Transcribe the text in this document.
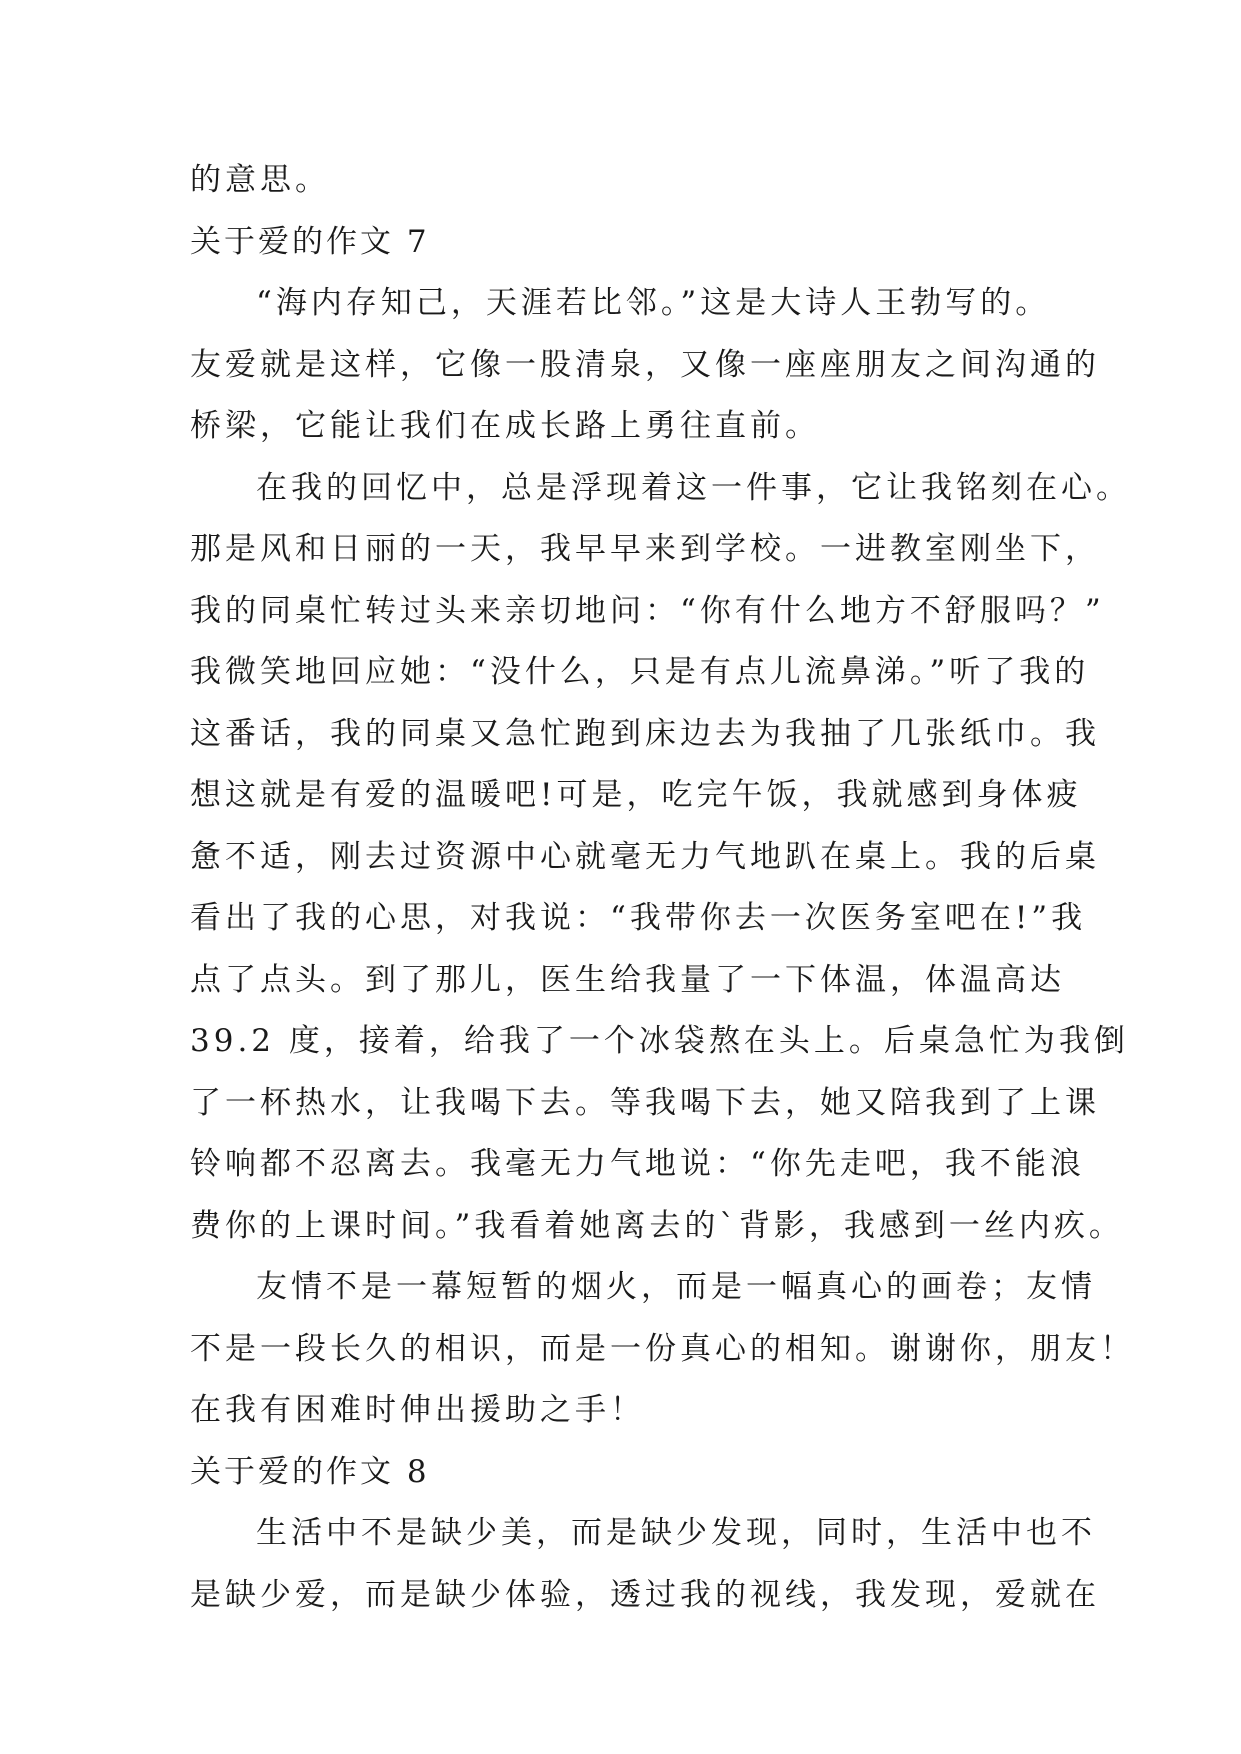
的意思。
关于爱的作文 7
“海内存知己，天涯若比邻。”这是大诗人王勃写的。
友爱就是这样，它像一股清泉，又像一座座朋友之间沟通的
桥梁，它能让我们在成长路上勇往直前。
在我的回忆中，总是浮现着这一件事，它让我铭刻在心。
那是风和日丽的一天，我早早来到学校。一进教室刚坐下，
我的同桌忙转过头来亲切地问：“你有什么地方不舒服吗？”
我微笑地回应她：“没什么，只是有点儿流鼻涕。”听了我的
这番话，我的同桌又急忙跑到床边去为我抽了几张纸巾。我
想这就是有爱的温暖吧!可是，吃完午饭，我就感到身体疲
惫不适，刚去过资源中心就毫无力气地趴在桌上。我的后桌
看出了我的心思，对我说：“我带你去一次医务室吧在!”我
点了点头。到了那儿，医生给我量了一下体温，体温高达
39.2 度，接着，给我了一个冰袋熬在头上。后桌急忙为我倒
了一杯热水，让我喝下去。等我喝下去，她又陪我到了上课
铃响都不忍离去。我毫无力气地说：“你先走吧，我不能浪
费你的上课时间。”我看着她离去的`背影，我感到一丝内疚。
友情不是一幕短暂的烟火，而是一幅真心的画卷；友情
不是一段长久的相识，而是一份真心的相知。谢谢你，朋友！
在我有困难时伸出援助之手！
关于爱的作文 8
生活中不是缺少美，而是缺少发现，同时，生活中也不
是缺少爱，而是缺少体验，透过我的视线，我发现，爱就在
